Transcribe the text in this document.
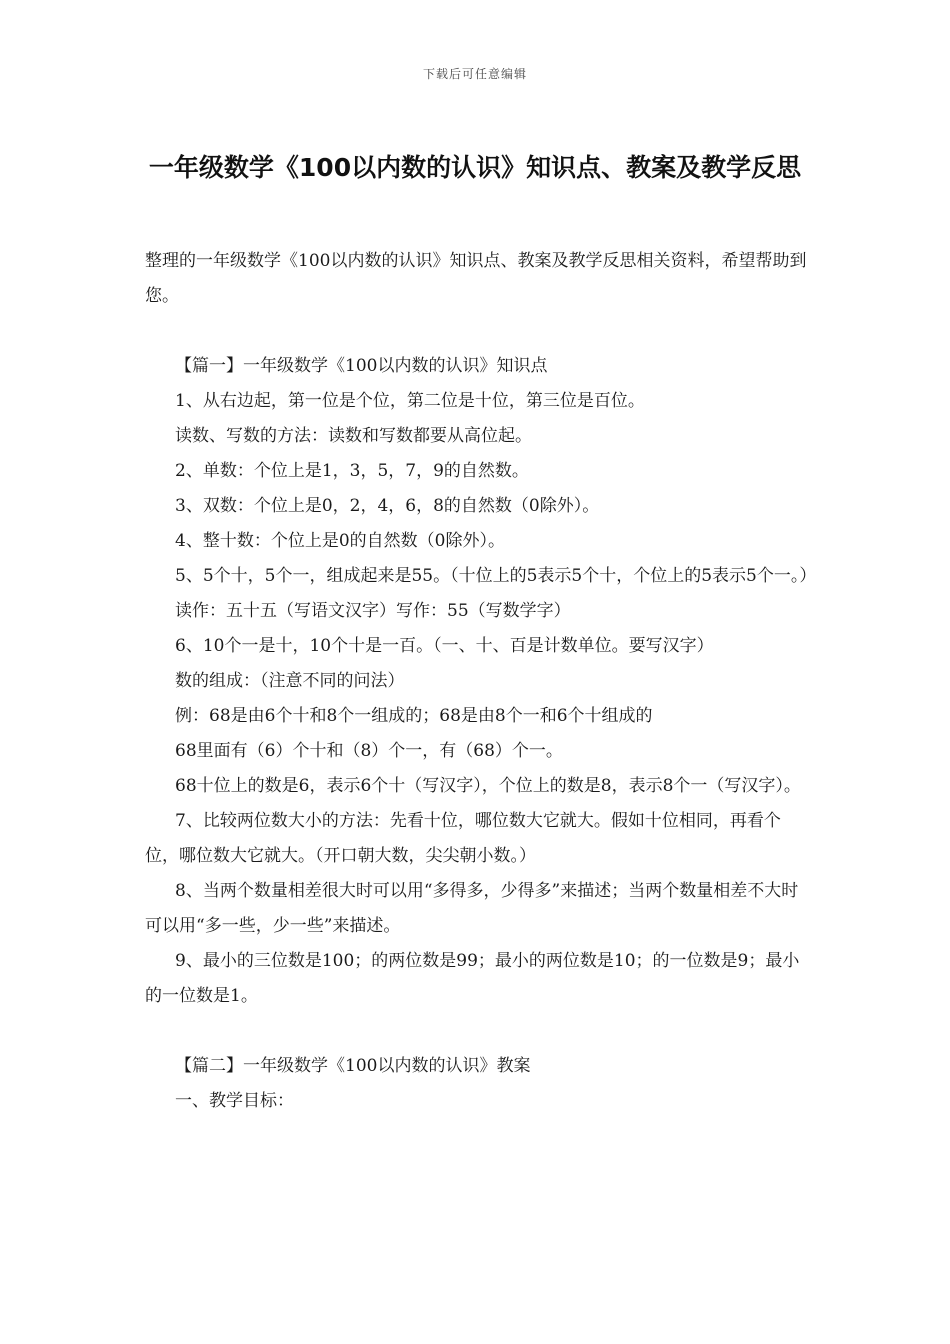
下载后可任意编辑
一年级数学《100以内数的认识》知识点、教案及教学反思

整理的一年级数学《100以内数的认识》知识点、教案及教学反思相关资料，希望帮助到您。

【篇一】一年级数学《100以内数的认识》知识点

1、从右边起，第一位是个位，第二位是十位，第三位是百位。

读数、写数的方法：读数和写数都要从高位起。

2、单数：个位上是1，3，5，7，9的自然数。

3、双数：个位上是0，2，4，6，8的自然数（0除外）。

4、整十数：个位上是0的自然数（0除外）。

5、5个十，5个一，组成起来是55。（十位上的5表示5个十，个位上的5表示5个一。）

读作：五十五（写语文汉字）写作：55（写数学字）

6、10个一是十，10个十是一百。（一、十、百是计数单位。要写汉字）

数的组成：（注意不同的问法）

例：68是由6个十和8个一组成的；68是由8个一和6个十组成的

68里面有（6）个十和（8）个一，有（68）个一。

68十位上的数是6，表示6个十（写汉字），个位上的数是8，表示8个一（写汉字）。

7、比较两位数大小的方法：先看十位，哪位数大它就大。假如十位相同，再看个位，哪位数大它就大。（开口朝大数，尖尖朝小数。）

8、当两个数量相差很大时可以用“多得多，少得多”来描述；当两个数量相差不大时可以用“多一些，少一些”来描述。

9、最小的三位数是100；的两位数是99；最小的两位数是10；的一位数是9；最小的一位数是1。

【篇二】一年级数学《100以内数的认识》教案

一、教学目标：
